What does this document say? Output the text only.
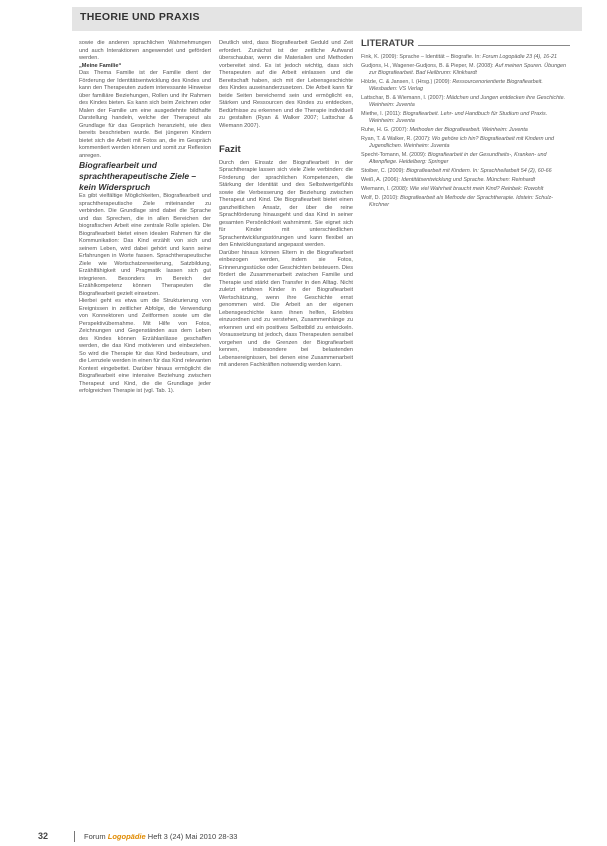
THEORIE UND PRAXIS

sowie die anderen sprachlichen Wahrnehmungen und auch Interaktionen angewendet und gefördert werden.

„Meine Familie“

Das Thema Familie ist der Familie dient der Förderung der Identitätsentwicklung des Kindes und kann den Therapeuten zudem interessante Hinweise über familiäre Beziehungen, Rollen und ihr Rahmen des Kindes bieten. Es kann sich beim Zeichnen oder Malen der Familie um eine ausgedehnte bildhafte Darstellung handeln, welche der Therapeut als Grundlage für das Gespräch heranzieht, wie dies bereits beschrieben wurde. Bei jüngeren Kindern bietet sich die Arbeit mit Fotos an, die im Gespräch kommentiert werden können und somit zur Reflexion anregen.

Biografiearbeit und sprachtherapeutische Ziele – kein Widerspruch

Es gibt vielfältige Möglichkeiten, Biografiearbeit und sprachtherapeutische Ziele miteinander zu verbinden. Die Grundlage sind dabei die Sprache und das Sprechen, die in allen Bereichen der biografischen Arbeit eine zentrale Rolle spielen. Die Biografiearbeit bietet einen idealen Rahmen für die Kommunikation: Das Kind erzählt von sich und seinem Leben, wird dabei gehört und kann seine Erfahrungen in Worte fassen. Sprachtherapeutische Ziele wie Wortschatzerweiterung, Satzbildung, Erzählfähigkeit und Pragmatik lassen sich gut integrieren. Besonders im Bereich der Erzählkompetenz können Therapeuten die Biografiearbeit gezielt einsetzen.

Hierbei geht es etwa um die Strukturierung von Ereignissen in zeitlicher Abfolge, die Verwendung von Konnektoren und Zeitformen sowie um die Perspektivübernahme. Mit Hilfe von Fotos, Zeichnungen und Gegenständen aus dem Leben des Kindes können Erzählanlässe geschaffen werden, die das Kind motivieren und einbeziehen. So wird die Therapie für das Kind bedeutsam, und die Lernziele werden in einen für das Kind relevanten Kontext eingebettet. Darüber hinaus ermöglicht die Biografiearbeit eine intensive Beziehung zwischen Therapeut und Kind, die die Grundlage jeder erfolgreichen Therapie ist (vgl. Tab. 1).

Deutlich wird, dass Biografiearbeit Geduld und Zeit erfordert. Zunächst ist der zeitliche Aufwand überschaubar, wenn die Materialien und Methoden vorbereitet sind. Es ist jedoch wichtig, dass sich Therapeuten auf die Arbeit einlassen und die Bereitschaft haben, sich mit der Lebensgeschichte des Kindes auseinanderzusetzen. Die Arbeit kann für beide Seiten bereichernd sein und ermöglicht es, Stärken und Ressourcen des Kindes zu entdecken, Bedürfnisse zu erkennen und die Therapie individuell zu gestalten (Ryan & Walker 2007; Lattschar & Wiemann 2007).

Fazit

Durch den Einsatz der Biografiearbeit in der Sprachtherapie lassen sich viele Ziele verbinden: die Förderung der sprachlichen Kompetenzen, die Stärkung der Identität und des Selbstwertgefühls sowie die Verbesserung der Beziehung zwischen Therapeut und Kind. Die Biografiearbeit bietet einen ganzheitlichen Ansatz, der über die reine Sprachförderung hinausgeht und das Kind in seiner gesamten Persönlichkeit wahrnimmt. Sie eignet sich für Kinder mit unterschiedlichen Sprachentwicklungsstörungen und kann flexibel an den Entwicklungsstand angepasst werden.

Darüber hinaus können Eltern in die Biografiearbeit einbezogen werden, indem sie Fotos, Erinnerungsstücke oder Geschichten beisteuern. Dies fördert die Zusammenarbeit zwischen Familie und Therapie und stärkt den Transfer in den Alltag. Nicht zuletzt erfahren Kinder in der Biografiearbeit Wertschätzung, wenn ihre Geschichte ernst genommen wird. Die Arbeit an der eigenen Lebensgeschichte kann ihnen helfen, Erlebtes einzuordnen und zu verstehen, Zusammenhänge zu erkennen und ein positives Selbstbild zu entwickeln. Voraussetzung ist jedoch, dass Therapeuten sensibel vorgehen und die Grenzen der Biografiearbeit kennen, insbesondere bei belastenden Lebensereignissen, bei denen eine Zusammenarbeit mit anderen Fachkräften notwendig werden kann.

LITERATUR
Fink, K. (2009): Sprache – Identität – Biografie. In: Forum Logopädie 23 (4), 16-21
Gudjons, H., Wagener-Gudjons, B. & Pieper, M. (2008): Auf meinen Spuren. Übungen zur Biografiearbeit. Bad Heilbrunn: Klinkhardt
Hölzle, C. & Jansen, I. (Hrsg.) (2009): Ressourcenorientierte Biografiearbeit. Wiesbaden: VS Verlag
Lattschar, B. & Wiemann, I. (2007): Mädchen und Jungen entdecken ihre Geschichte. Weinheim: Juventa
Miethe, I. (2011): Biografiearbeit. Lehr- und Handbuch für Studium und Praxis. Weinheim: Juventa
Ruhe, H. G. (2007): Methoden der Biografiearbeit. Weinheim: Juventa
Ryan, T. & Walker, R. (2007): Wo gehöre ich hin? Biografiearbeit mit Kindern und Jugendlichen. Weinheim: Juventa
Specht-Tomann, M. (2009): Biografiearbeit in der Gesundheits-, Kranken- und Altenpflege. Heidelberg: Springer
Stoiber, C. (2009): Biografiearbeit mit Kindern. In: Sprachheilarbeit 54 (2), 60-66
Weiß, A. (2006): Identitätsentwicklung und Sprache. München: Reinhardt
Wiemann, I. (2008): Wie viel Wahrheit braucht mein Kind? Reinbek: Rowohlt
Wolf, D. (2010): Biografiearbeit als Methode der Sprachtherapie. Idstein: Schulz-Kirchner
32	Forum Logopädie Heft 3 (24) Mai 2010 28-33
